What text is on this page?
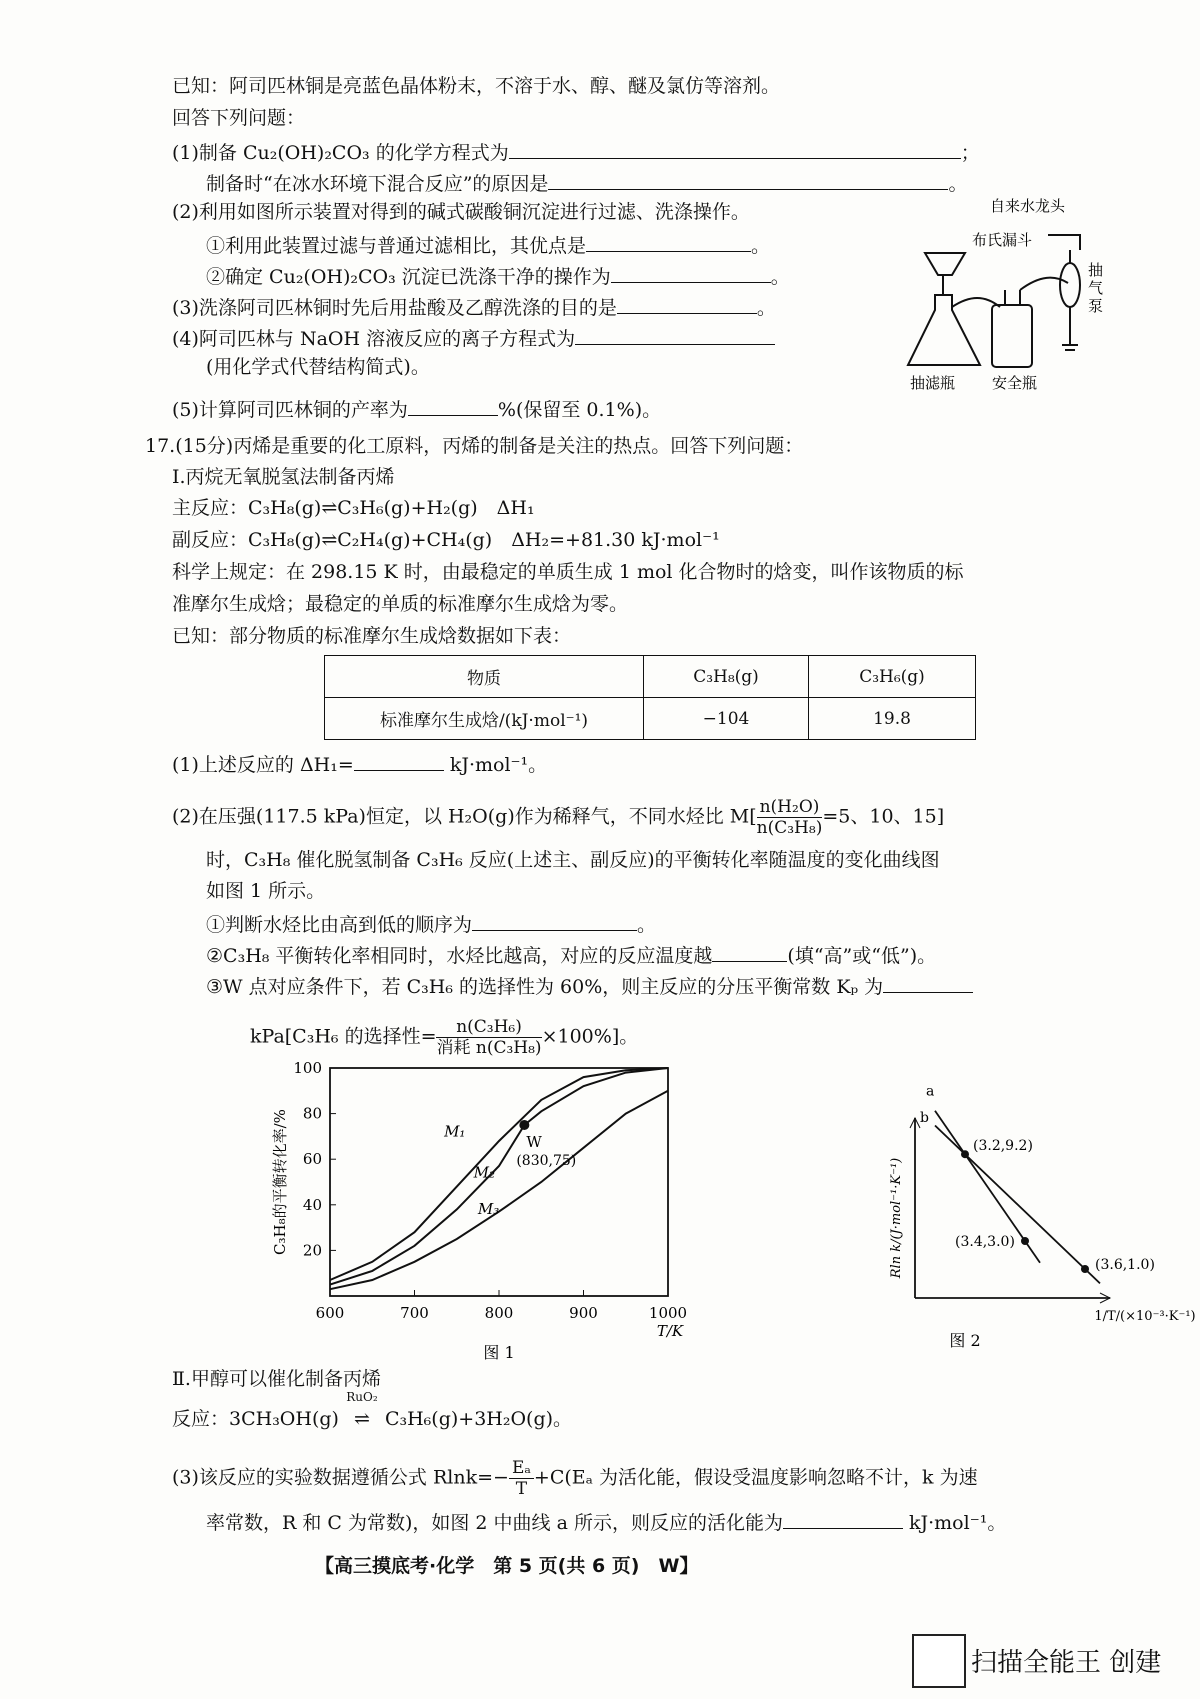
已知：阿司匹林铜是亮蓝色晶体粉末，不溶于水、醇、醚及氯仿等溶剂。
回答下列问题：
(1)制备 Cu₂(OH)₂CO₃ 的化学方程式为	；
制备时“在冰水环境下混合反应”的原因是	。
(2)利用如图所示装置对得到的碱式碳酸铜沉淀进行过滤、洗涤操作。
①利用此装置过滤与普通过滤相比，其优点是	。
②确定 Cu₂(OH)₂CO₃ 沉淀已洗涤干净的操作为	。
(3)洗涤阿司匹林铜时先后用盐酸及乙醇洗涤的目的是	。
(4)阿司匹林与 NaOH 溶液反应的离子方程式为
(用化学式代替结构简式)。
(5)计算阿司匹林铜的产率为	%(保留至 0.1%)。
自来水龙头
布氏漏斗
抽
气
泵
抽滤瓶 安全瓶
17.(15分)丙烯是重要的化工原料，丙烯的制备是关注的热点。回答下列问题：
Ⅰ.丙烷无氧脱氢法制备丙烯
主反应：C₃H₈(g)⇌C₃H₆(g)+H₂(g)　ΔH₁
副反应：C₃H₈(g)⇌C₂H₄(g)+CH₄(g)　ΔH₂=+81.30 kJ·mol⁻¹
科学上规定：在 298.15 K 时，由最稳定的单质生成 1 mol 化合物时的焓变，叫作该物质的标
准摩尔生成焓；最稳定的单质的标准摩尔生成焓为零。
已知：部分物质的标准摩尔生成焓数据如下表：
物质	C₃H₈(g)	C₃H₆(g)
标准摩尔生成焓/(kJ·mol⁻¹)	−104	19.8
(1)上述反应的 ΔH₁=	kJ·mol⁻¹。
(2)在压强(117.5 kPa)恒定，以 H₂O(g)作为稀释气，不同水烃比 $M[ \frac{\text{n(H₂O)}}{\text{n(C₃H₈)}} =5$、10、15]
时，C₃H₈ 催化脱氢制备 C₃H₆ 反应(上述主、副反应)的平衡转化率随温度的变化曲线图
如图 1 所示。
①判断水烃比由高到低的顺序为	。
②C₃H₈ 平衡转化率相同时，水烃比越高，对应的反应温度越	(填“高”或“低”)。
③W 点对应条件下，若 C₃H₆ 的选择性为 60%，则主反应的分压平衡常数 Kₚ 为
kPa[C₃H₆ 的选择性=	n(C₃H₆)
消耗 n(C₃H₈)
×100%]。
100
80
60
40
20
600	700	800	900	1000
T/K
C₃H₈的平衡转化率/%	M₁
M₂
M₃
W
(830,75)
图 1
Rln k/(J·mol⁻¹·K⁻¹)
1/T/(×10⁻³·K⁻¹)
a
b
(3.2,9.2)
(3.4,3.0)
(3.6,1.0)
图 2
Ⅱ.甲醇可以催化制备丙烯
反应：3CH₃OH(g)
RuO₂
⇌ C₃H₆(g)+3H₂O(g)。
(3)该反应的实验数据遵循公式 $Rlnk=- \frac{\text{Eₐ}}{T} +C(E_a$ 为活化能，假设受温度影响忽略不计，k 为速
率常数，R 和 C 为常数)，如图 2 中曲线 a 所示，则反应的活化能为	kJ·mol⁻¹。
【高三摸底考·化学　第 5 页(共 6 页)　W】
扫描全能王 创建
